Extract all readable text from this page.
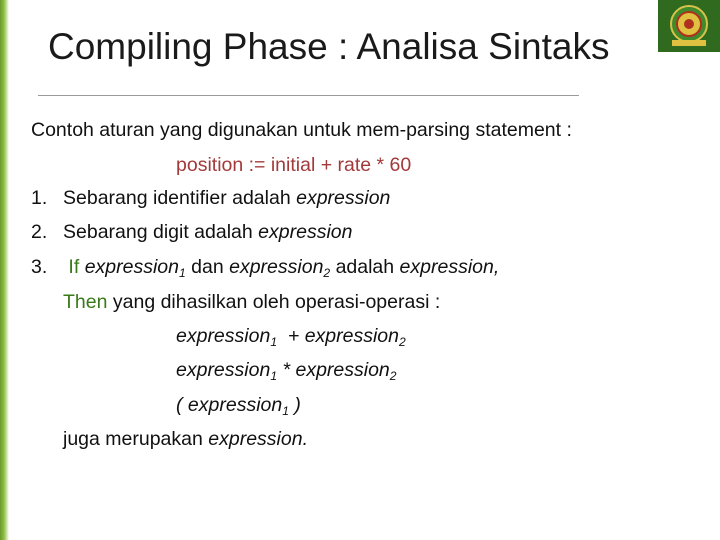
Compiling Phase : Analisa Sintaks
Contoh aturan yang digunakan untuk mem-parsing statement :
position := initial + rate * 60
1. Sebarang identifier adalah expression
2. Sebarang digit adalah expression
3. If expression$_1$ dan expression$_2$ adalah expression,
Then yang dihasilkan oleh operasi-operasi :
expression$_1$ + expression$_2$
expression$_1$ * expression$_2$
( expression$_1$ )
juga merupakan expression.
